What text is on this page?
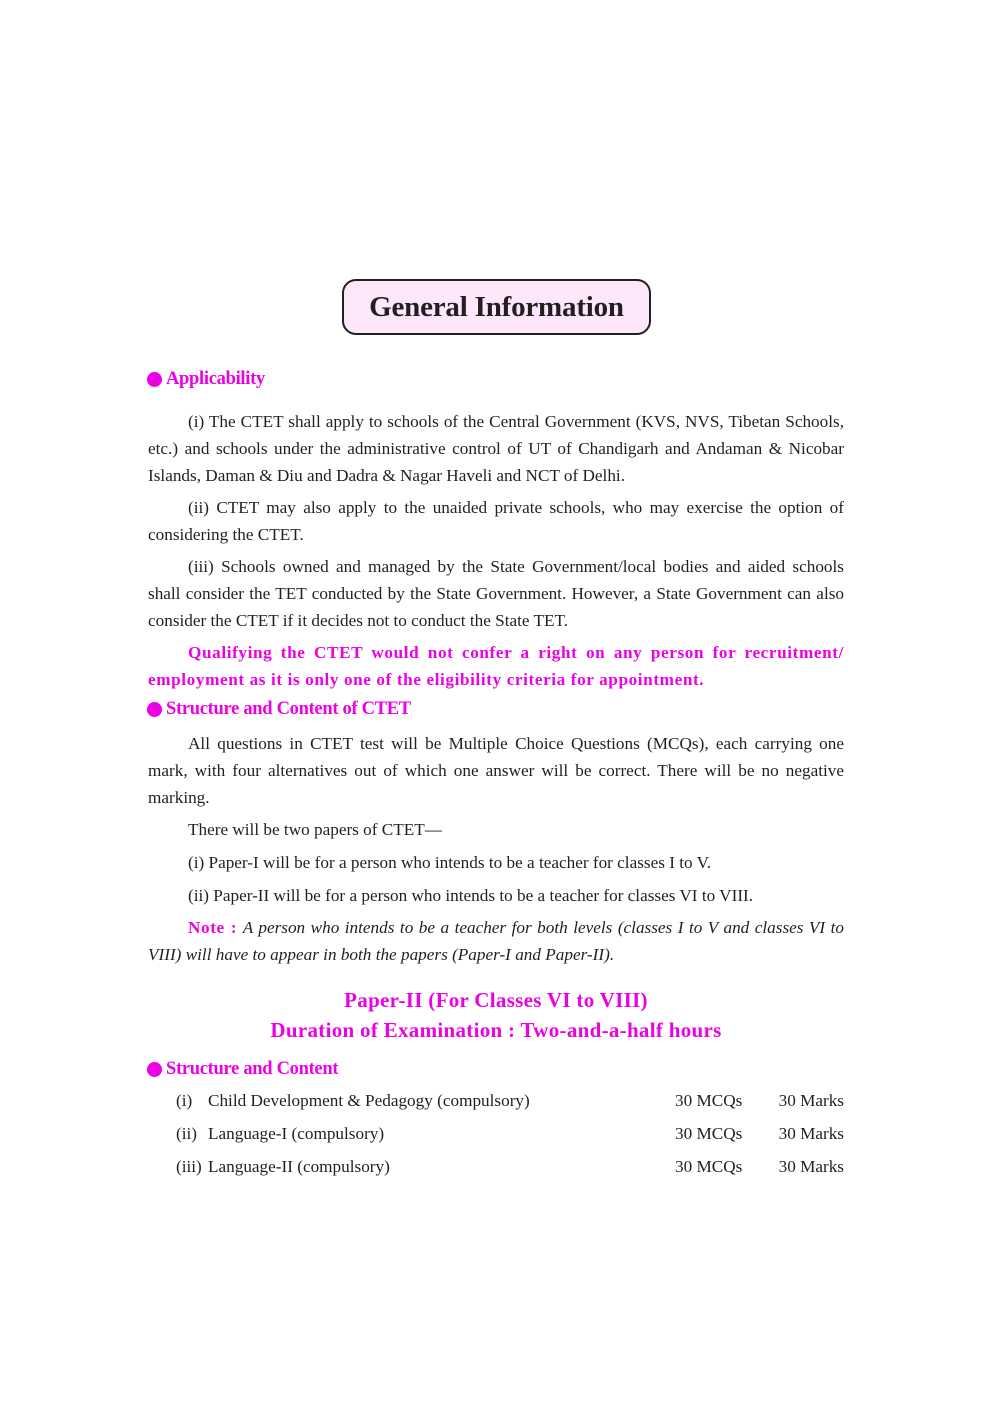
General Information
Applicability
(i) The CTET shall apply to schools of the Central Government (KVS, NVS, Tibetan Schools, etc.) and schools under the administrative control of UT of Chandigarh and Andaman & Nicobar Islands, Daman & Diu and Dadra & Nagar Haveli and NCT of Delhi.
(ii) CTET may also apply to the unaided private schools, who may exercise the option of considering the CTET.
(iii) Schools owned and managed by the State Government/local bodies and aided schools shall consider the TET conducted by the State Government. However, a State Government can also consider the CTET if it decides not to conduct the State TET.
Qualifying the CTET would not confer a right on any person for recruitment/ employment as it is only one of the eligibility criteria for appointment.
Structure and Content of CTET
All questions in CTET test will be Multiple Choice Questions (MCQs), each carrying one mark, with four alternatives out of which one answer will be correct. There will be no negative marking.
There will be two papers of CTET—
(i) Paper-I will be for a person who intends to be a teacher for classes I to V.
(ii) Paper-II will be for a person who intends to be a teacher for classes VI to VIII.
Note : A person who intends to be a teacher for both levels (classes I to V and classes VI to VIII) will have to appear in both the papers (Paper-I and Paper-II).
Paper-II (For Classes VI to VIII)
Duration of Examination : Two-and-a-half hours
Structure and Content
(i) Child Development & Pedagogy (compulsory)	30 MCQs 30 Marks
(ii) Language-I (compulsory)	30 MCQs 30 Marks
(iii) Language-II (compulsory)	30 MCQs 30 Marks
